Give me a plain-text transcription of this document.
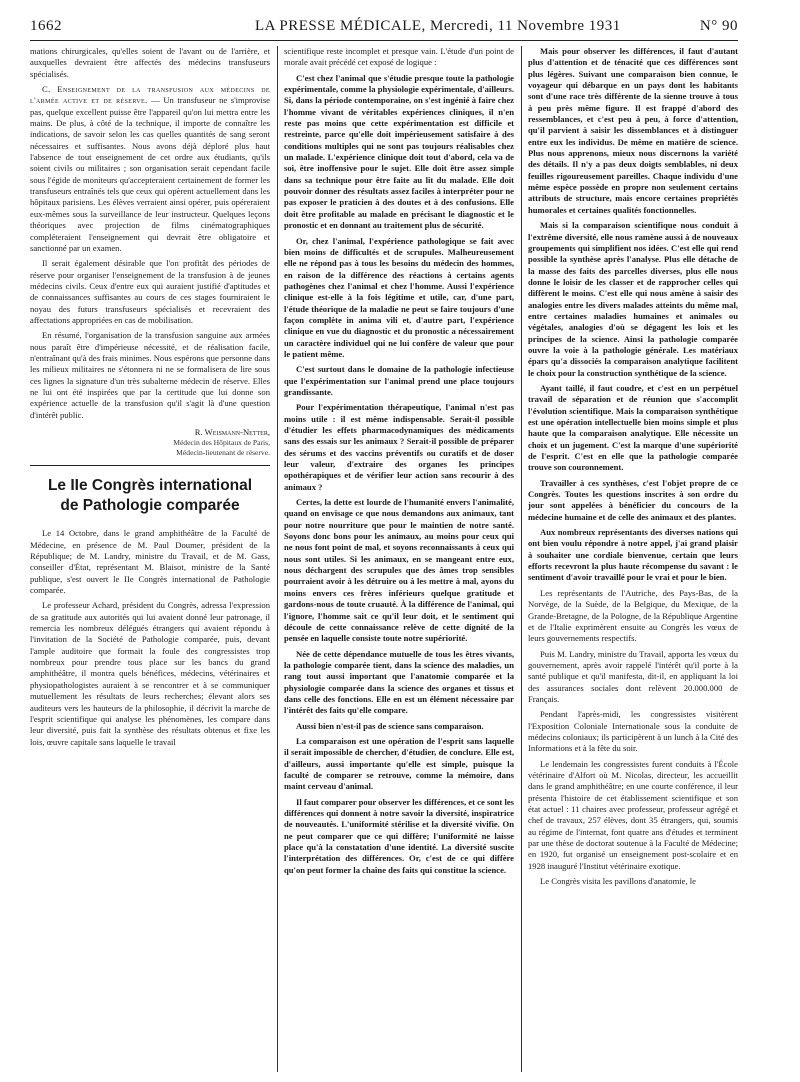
1662	LA PRESSE MÉDICALE, Mercredi, 11 Novembre 1931	N° 90

mations chirurgicales, qu'elles soient de l'avant ou de l'arrière, et auxquelles devraient être affectés des médecins transfuseurs spécialisés.

C. Enseignement de la transfusion aux médecins de l'armée active et de réserve. — Un transfuseur ne s'improvise pas, quelque excellent puisse être l'appareil qu'on lui mettra entre les mains. De plus, à côté de la technique, il importe de connaître les indications, de savoir selon les cas quelles quantités de sang seront nécessaires et suffisantes. Nous avons déjà déploré plus haut l'absence de tout enseignement de cet ordre aux étudiants, qu'ils soient civils ou militaires ; son organisation serait cependant facile sous l'égide de moniteurs qu'accepteraient certainement de former les transfuseurs entraînés tels que ceux qui opèrent actuellement dans les hôpitaux parisiens. Les élèves verraient ainsi opérer, puis opéreraient eux-mêmes sous la surveillance de leur instructeur. Quelques leçons théoriques avec projection de films cinématographiques compléteraient l'enseignement qui devrait être obligatoire et sanctionné par un examen.

Il serait également désirable que l'on profitât des périodes de réserve pour organiser l'enseignement de la transfusion à de jeunes médecins civils. Ceux d'entre eux qui auraient justifié d'aptitudes et de connaissances suffisantes au cours de ces stages fourniraient le noyau des futurs transfuseurs spécialisés et recevraient des affectations appropriées en cas de mobilisation.

En résumé, l'organisation de la transfusion sanguine aux armées nous paraît être d'impérieuse nécessité, et de réalisation facile, n'entraînant qu'à des frais minimes. Nous espérons que personne dans les milieux militaires ne s'étonnera ni ne se formalisera de lire sous ces lignes la signature d'un très subalterne médecin de réserve. Elles ne lui ont été inspirées que par la certitude que lui donne son expérience actuelle de la transfusion qu'il s'agit là d'une question d'intérêt public.

R. Weismann-Netter,
Médecin des Hôpitaux de Paris,
Médecin-lieutenant de réserve.
Le IIe Congrès international
de Pathologie comparée

Le 14 Octobre, dans le grand amphithéâtre de la Faculté de Médecine, en présence de M. Paul Doumer, président de la République; de M. Landry, ministre du Travail, et de M. Gass, conseiller d'État, représentant M. Blaisot, ministre de la Santé publique, s'est ouvert le IIe Congrès international de Pathologie comparée.

Le professeur Achard, président du Congrès, adressa l'expression de sa gratitude aux autorités qui lui avaient donné leur patronage, il remercia les nombreux délégués étrangers qui avaient répondu à l'invitation de la Société de Pathologie comparée, puis, devant l'ample auditoire que formait la foule des congressistes trop nombreux pour prendre tous place sur les bancs du grand amphithéâtre, il montra quels bénéfices, médecins, vétérinaires et physiopathologistes auraient à se rencontrer et à se communiquer mutuellement les résultats de leurs recherches; élevant alors ses auditeurs vers les hauteurs de la philosophie, il décrivit la marche de l'esprit scientifique qui analyse les phénomènes, les compare dans leur diversité, puis fait la synthèse des résultats obtenus et fixe les lois, œuvre capitale sans laquelle le travail

scientifique reste incomplet et presque vain. L'étude d'un point de morale avait précédé cet exposé de logique :

C'est chez l'animal que s'étudie presque toute la pathologie expérimentale, comme la physiologie expérimentale, d'ailleurs. Si, dans la période contemporaine, on s'est ingénié à faire chez l'homme vivant de véritables expériences cliniques, il n'en reste pas moins que cette expérimentation est difficile et restreinte, parce qu'elle doit impérieusement satisfaire à des conditions multiples qui ne sont pas toujours réalisables chez un malade. L'expérience clinique doit tout d'abord, cela va de soi, être inoffensive pour le sujet. Elle doit être assez simple dans sa technique pour être faite au lit du malade. Elle doit pouvoir donner des résultats assez faciles à interpréter pour ne pas exposer le praticien à des doutes et à des confusions. Elle doit être profitable au malade en précisant le diagnostic et le pronostic et en donnant au traitement plus de sécurité.

Or, chez l'animal, l'expérience pathologique se fait avec bien moins de difficultés et de scrupules. Malheureusement elle ne répond pas à tous les besoins du médecin des hommes, en raison de la différence des réactions à certains agents pathogènes chez l'animal et chez l'homme. Aussi l'expérience clinique est-elle à la fois légitime et utile, car, d'une part, l'étude théorique de la maladie ne peut se faire toujours d'une façon complète in anima vili et, d'autre part, l'expérience clinique en vue du diagnostic et du pronostic a nécessairement un caractère individuel qui ne lui confère de valeur que pour le patient même.

C'est surtout dans le domaine de la pathologie infectieuse que l'expérimentation sur l'animal prend une place toujours grandissante.

Pour l'expérimentation thérapeutique, l'animal n'est pas moins utile : il est même indispensable. Serait-il possible d'étudier les effets pharmacodynamiques des médicaments sans des essais sur les animaux ? Serait-il possible de préparer des sérums et des vaccins préventifs ou curatifs et de doser leur valeur, d'extraire des organes les principes opothérapiques et de vérifier leur action sans recourir à des animaux ?

Certes, la dette est lourde de l'humanité envers l'animalité, quand on envisage ce que nous demandons aux animaux, tant pour notre nourriture que pour le maintien de notre santé. Soyons donc bons pour les animaux, au moins pour ceux qui ne nous font point de mal, et soyons reconnaissants à ceux qui nous sont utiles. Si les animaux, en se mangeant entre eux, nous déchargent des scrupules que des âmes trop sensibles pourraient avoir à les détruire ou à les mettre à mal, ayons du moins envers ces frères inférieurs quelque gratitude et gardons-nous de toute cruauté. À la différence de l'animal, qui l'ignore, l'homme sait ce qu'il leur doit, et le sentiment qui découle de cette connaissance relève de cette dignité de la pensée en laquelle consiste toute notre supériorité.

Née de cette dépendance mutuelle de tous les êtres vivants, la pathologie comparée tient, dans la science des maladies, un rang tout aussi important que l'anatomie comparée et la physiologie comparée dans la science des organes et tissus et dans celle des fonctions. Elle en est un élément nécessaire par l'intérêt des faits qu'elle compare.

Aussi bien n'est-il pas de science sans comparaison.

La comparaison est une opération de l'esprit sans laquelle il serait impossible de chercher, d'étudier, de conclure. Elle est, d'ailleurs, aussi importante qu'elle est simple, puisque la faculté de comparer se retrouve, comme la mémoire, dans maint cerveau d'animal.

Il faut comparer pour observer les différences, et ce sont les différences qui donnent à notre savoir la diversité, inspiratrice de nouveautés. L'uniformité stérilise et la diversité vivifie. On ne peut comparer que ce qui diffère; l'uniformité ne laisse place qu'à la constatation d'une identité. La diversité suscite l'interprétation des différences. Or, c'est de ce qui diffère qu'on peut former la chaîne des faits qui constitue la science.

Mais pour observer les différences, il faut d'autant plus d'attention et de ténacité que ces différences sont plus légères. Suivant une comparaison bien connue, le voyageur qui débarque en un pays dont les habitants sont d'une race très différente de la sienne trouve à tous à peu près même figure. Il est frappé d'abord des ressemblances, et c'est peu à peu, à force d'attention, qu'il parvient à saisir les dissemblances et à distinguer entre eux les individus. De même en matière de science. Plus nous apprenons, mieux nous discernons la variété des détails. Il n'y a pas deux doigts semblables, ni deux feuilles rigoureusement pareilles. Chaque individu d'une même espèce possède en propre non seulement certains attributs de structure, mais encore certaines propriétés humorales et certaines qualités fonctionnelles.

Mais si la comparaison scientifique nous conduit à l'extrême diversité, elle nous ramène aussi à de nouveaux groupements qui simplifient nos idées. C'est elle qui rend possible la synthèse après l'analyse. Plus elle détache de la masse des faits des parcelles diverses, plus elle nous donne le loisir de les classer et de rapprocher celles qui diffèrent le moins. C'est elle qui nous amène à saisir des analogies entre les divers malades atteints du même mal, entre certaines maladies humaines et animales ou végétales, analogies d'où se dégagent les lois et les principes de la science. Ainsi la pathologie comparée ouvre la voie à la pathologie générale. Les matériaux épars qu'a dissociés la comparaison analytique facilitent le choix pour la construction synthétique de la science.

Ayant taillé, il faut coudre, et c'est en un perpétuel travail de séparation et de réunion que s'accomplit l'évolution scientifique. Mais la comparaison synthétique est une opération intellectuelle bien moins simple et plus haute que la comparaison analytique. Elle nécessite un choix et un jugement. C'est la marque d'une supériorité de l'esprit. C'est en elle que la pathologie comparée trouve son couronnement.

Travailler à ces synthèses, c'est l'objet propre de ce Congrès. Toutes les questions inscrites à son ordre du jour sont appelées à bénéficier du concours de la médecine humaine et de celle des animaux et des plantes.

Aux nombreux représentants des diverses nations qui ont bien voulu répondre à notre appel, j'ai grand plaisir à souhaiter une cordiale bienvenue, certain que leurs efforts recevront la plus haute récompense du savant : le sentiment d'avoir travaillé pour le vrai et pour le bien.

Les représentants de l'Autriche, des Pays-Bas, de la Norvège, de la Suède, de la Belgique, du Mexique, de la Grande-Bretagne, de la Pologne, de la République Argentine et de l'Italie exprimèrent ensuite au Congrès les vœux de leurs gouvernements respectifs.

Puis M. Landry, ministre du Travail, apporta les vœux du gouvernement, après avoir rappelé l'intérêt qu'il porte à la santé publique et qu'il manifesta, dit-il, en appliquant la loi des assurances sociales dont relèvent 20.000.000 de Français.

Pendant l'après-midi, les congressistes visitèrent l'Exposition Coloniale Internationale sous la conduite de médecins coloniaux; ils participèrent à un lunch à la Cité des Informations et à la fête du soir.

Le lendemain les congressistes furent conduits à l'École vétérinaire d'Alfort où M. Nicolas, directeur, les accueillit dans le grand amphithéâtre; en une courte conférence, il leur présenta l'histoire de cet établissement scientifique et son état actuel : 11 chaires avec professeur, professeur agrégé et chef de travaux, 257 élèves, dont 35 étrangers, qui, soumis au régime de l'internat, font quatre ans d'études et terminent par une thèse de doctorat soutenue à la Faculté de Médecine; en 1920, fut organisé un enseignement post-scolaire et en 1928 inauguré l'Institut vétérinaire exotique.

Le Congrès visita les pavillons d'anatomie, le
